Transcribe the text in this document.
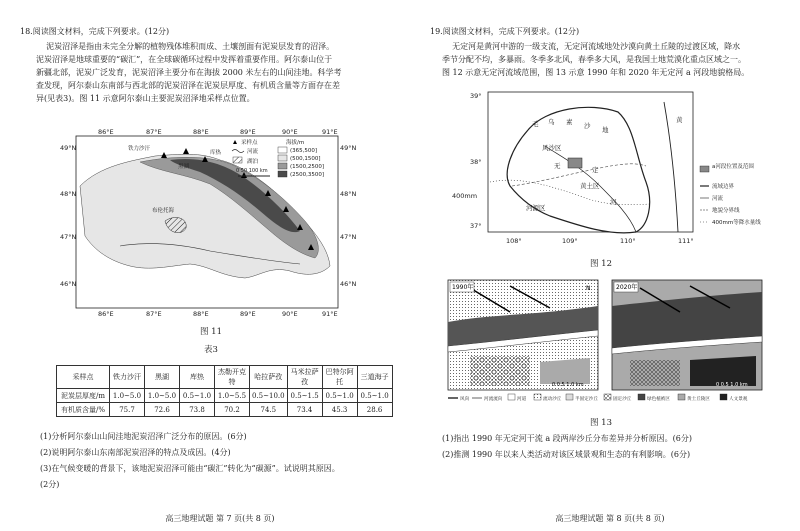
18.阅读图文材料，完成下列要求。(12分)
泥炭沼泽是指由未完全分解的植物残体堆积而成、土壤剖面有泥炭层发育的沼泽。
泥炭沼泽是地球重要的“碳汇”，在全球碳循环过程中发挥着重要作用。阿尔泰山位于
新疆北部，泥炭广泛发育，泥炭沼泽主要分布在海拔 2000 米左右的山间洼地。科学考
查发现，阿尔泰山东南部与西北部的泥炭沼泽在泥炭层厚度、有机质含量等方面存在差
异(见表3)。图 11 示意阿尔泰山主要泥炭沼泽地采样点位置。
86°E	87°E	88°E	89°E	90°E	91°E
49°N
48°N
47°N
46°N
49°N
48°N
47°N
46°N
86°E	87°E	88°E	89°E	90°E	91°E
铁力沙汗
黑湖
库热
布伦托海
采样点
河流
湖泊
海拔/m
(365,500]
(500,1500]
(1500,2500]
(2500,3500]
0 50 100 km
图 11
表3
采样点	铁力沙汗	黑湖	库热	杰勒开克特	哈拉萨孜	马米拉萨孜	巴特尔阿托	三道海子
泥炭层厚度/m	1.0~5.0	1.0~5.0	0.5~1.0	1.0~5.5	0.5~10.0	0.5~1.5	0.5~1.0	0.5~1.0
有机质含量/%	75.7	72.6	73.8	70.2	74.5	73.4	45.3	28.6
(1)分析阿尔泰山山间洼地泥炭沼泽广泛分布的原因。(6分)
(2)说明阿尔泰山东南部泥炭沼泽的特点及成因。(4分)
(3)在气候变暖的背景下，该地泥炭沼泽可能由“碳汇”转化为“碳源”。试说明其原因。
(2分)
高三地理试题 第 7 页(共 8 页)
19.阅读图文材料，完成下列要求。(12分)
无定河是黄河中游的一级支流，无定河流域地处沙漠向黄土丘陵的过渡区域，降水
季节分配不均，多暴雨。冬季多北风，春季多大风，是我国土地荒漠化重点区域之一。
图 12 示意无定河流域范围，图 13 示意 1990 年和 2020 年无定河 a 河段地貌格局。
39°
38°
37°
108°	109°	110°	111°
毛 乌 素 沙 地
风沙区
无	定
黄土区
河
河源区
黄
400mm
a河段位置及范围
流域边界
河流
地貌分界线
400mm等降水量线
图 12
1990年	N	2020年
0 0.5 1.0 km
0 0.5 1.0 km
风向	河流流向	河道	流动沙丘	半固定沙丘	固定沙丘	绿色植被区	黄土丘陵区	人文景观
图 13
(1)指出 1990 年无定河干流 a 段两岸沙丘分布差异并分析原因。(6分)
(2)推测 1990 年以来人类活动对该区域景观和生态的有利影响。(6分)
高三地理试题 第 8 页(共 8 页)
